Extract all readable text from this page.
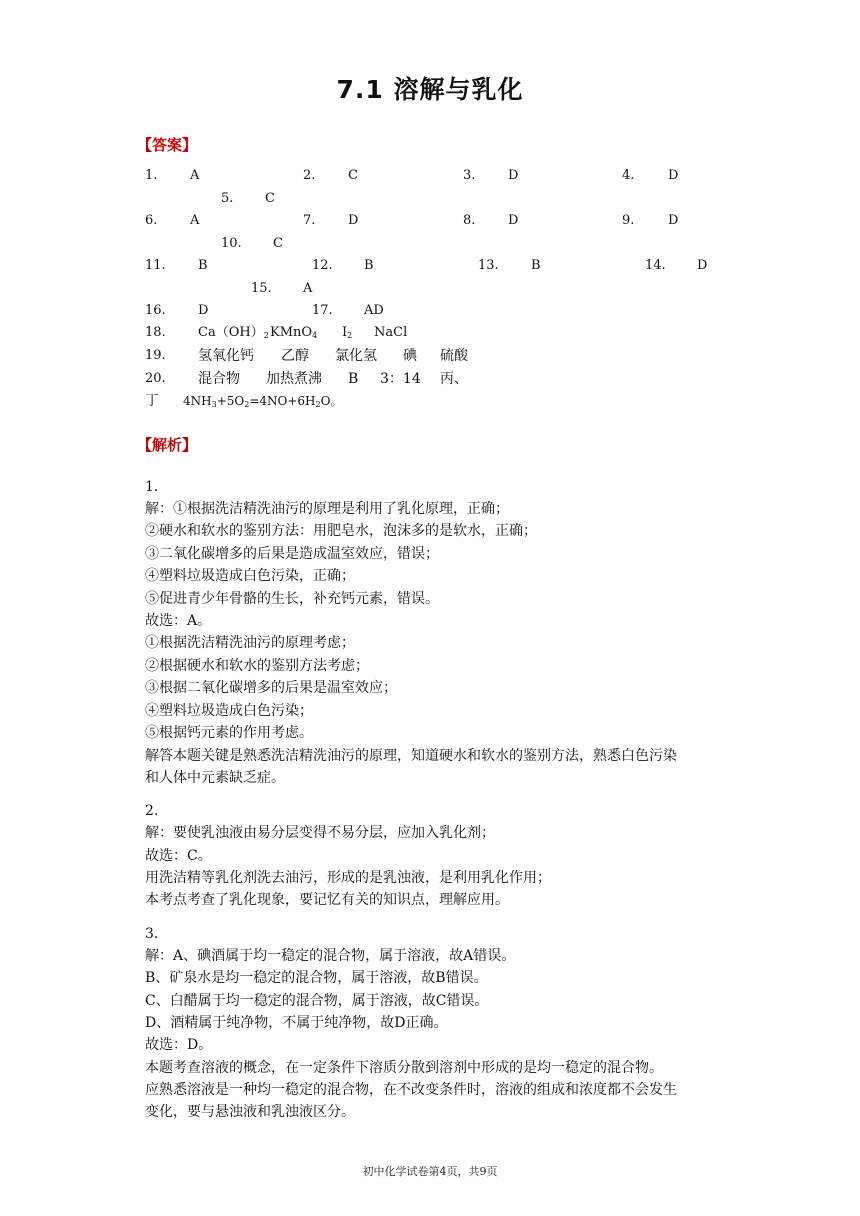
7.1 溶解与乳化
【答案】
1.	A	2.	C	3.	D	4.	D
5. C
6.	A	7.	D	8.	D	9.	D
10. C
11. B	12. B	13. B	14. D
15. A
16. D	17. AD
18. $Ca(OH)_2$ KMnO$_4$ $I_2$ NaCl
19. 氢氧化钙 乙醇 氯化氢 碘 硫酸
20. 混合物 加热煮沸 B 3：14 丙、
丁 $4NH_3+5O_2=4NO+6H_2O$。
【解析】
1.
解：①根据洗洁精洗油污的原理是利用了乳化原理，正确；
②硬水和软水的鉴别方法：用肥皂水，泡沫多的是软水，正确；
③二氧化碳增多的后果是造成温室效应，错误；
④塑料垃圾造成白色污染，正确；
⑤促进青少年骨骼的生长，补充钙元素，错误。
故选：A。
①根据洗洁精洗油污的原理考虑；
②根据硬水和软水的鉴别方法考虑；
③根据二氧化碳增多的后果是温室效应；
④塑料垃圾造成白色污染；
⑤根据钙元素的作用考虑。
解答本题关键是熟悉洗洁精洗油污的原理，知道硬水和软水的鉴别方法，熟悉白色污染
和人体中元素缺乏症。
2.
解：要使乳浊液由易分层变得不易分层，应加入乳化剂；
故选：C。
用洗洁精等乳化剂洗去油污，形成的是乳浊液，是利用乳化作用；
本考点考查了乳化现象，要记忆有关的知识点，理解应用。
3.
解：A、碘酒属于均一稳定的混合物，属于溶液，故A错误。
B、矿泉水是均一稳定的混合物，属于溶液，故B错误。
C、白醋属于均一稳定的混合物，属于溶液，故C错误。
D、酒精属于纯净物，不属于纯净物，故D正确。
故选：D。
本题考查溶液的概念，在一定条件下溶质分散到溶剂中形成的是均一稳定的混合物。
应熟悉溶液是一种均一稳定的混合物，在不改变条件时，溶液的组成和浓度都不会发生
变化，要与悬浊液和乳浊液区分。
初中化学试卷第4页，共9页
